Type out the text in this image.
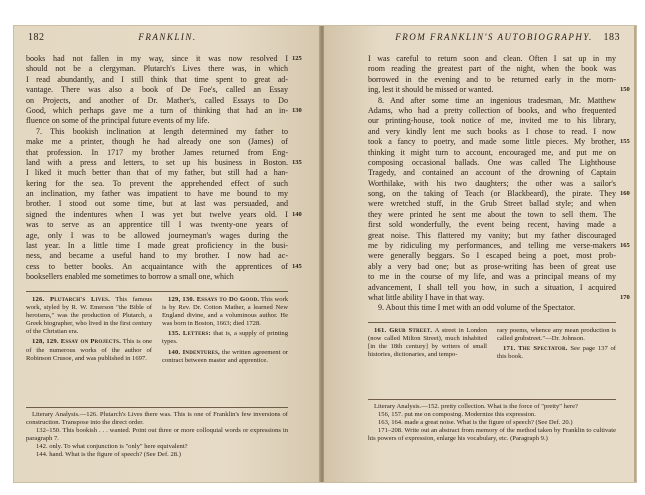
182	FRANKLIN.
books had not fallen in my way, since it was now resolved I
should not be a clergyman. Plutarch's Lives there was, in which
I read abundantly, and I still think that time spent to great ad-
vantage. There was also a book of De Foe's, called an Essay
on Projects, and another of Dr. Mather's, called Essays to Do
Good, which perhaps gave me a turn of thinking that had an in-
fluence on some of the principal future events of my life.
7. This bookish inclination at length determined my father to
make me a printer, though he had already one son (James) of
that profession. In 1717 my brother James returned from Eng-
land with a press and letters, to set up his business in Boston.
I liked it much better than that of my father, but still had a han-
kering for the sea. To prevent the apprehended effect of such
an inclination, my father was impatient to have me bound to my
brother. I stood out some time, but at last was persuaded, and
signed the indentures when I was yet but twelve years old. I
was to serve as an apprentice till I was twenty-one years of
age, only I was to be allowed journeyman's wages during the
last year. In a little time I made great proficiency in the busi-
ness, and became a useful hand to my brother. I now had ac-
cess to better books. An acquaintance with the apprentices of
booksellers enabled me sometimes to borrow a small one, which
125
130
135
140
145

126. Plutarch's Lives. This famous work, styled by R. W. Emerson "the Bible of heroisms," was the production of Plutarch, a Greek biographer, who lived in the first century of the Christian era.

128, 129. Essay on Projects. This is one of the numerous works of the author of Robinson Crusoe, and was published in 1697.

129, 130. Essays to Do Good. This work is by Rev. Dr. Cotton Mather, a learned New England divine, and a voluminous author. He was born in Boston, 1663; died 1728.

135. Letters: that is, a supply of printing types.

140. Indentures, the written agreement or contract between master and apprentice.

Literary Analysis.—126. Plutarch's Lives there was. This is one of Franklin's few inversions of construction. Transpose into the direct order.

132–150. This bookish . . . wanted. Point out three or more colloquial words or expressions in paragraph 7.

142. only. To what conjunction is "only" here equivalent?

144. hand. What is the figure of speech? (See Def. 28.)

FROM FRANKLIN'S AUTOBIOGRAPHY.	183
I was careful to return soon and clean. Often I sat up in my
room reading the greatest part of the night, when the book was
borrowed in the evening and to be returned early in the morn-
ing, lest it should be missed or wanted.
8. And after some time an ingenious tradesman, Mr. Matthew
Adams, who had a pretty collection of books, and who frequented
our printing-house, took notice of me, invited me to his library,
and very kindly lent me such books as I chose to read. I now
took a fancy to poetry, and made some little pieces. My brother,
thinking it might turn to account, encouraged me, and put me on
composing occasional ballads. One was called The Lighthouse
Tragedy, and contained an account of the drowning of Captain
Worthilake, with his two daughters; the other was a sailor's
song, on the taking of Teach (or Blackbeard), the pirate. They
were wretched stuff, in the Grub Street ballad style; and when
they were printed he sent me about the town to sell them. The
first sold wonderfully, the event being recent, having made a
great noise. This flattered my vanity; but my father discouraged
me by ridiculing my performances, and telling me verse-makers
were generally beggars. So I escaped being a poet, most prob-
ably a very bad one; but as prose-writing has been of great use
to me in the course of my life, and was a principal means of my
advancement, I shall tell you how, in such a situation, I acquired
what little ability I have in that way.
9. About this time I met with an odd volume of the Spectator.
150
155
160
165
170

161. Grub Street. A street in London (now called Milton Street), much inhabited [in the 18th century] by writers of small histories, dictionaries, and tempo-

rary poems, whence any mean production is called grubstreet."—Dr. Johnson.

171. The Spectator. See page 137 of this book.

Literary Analysis.—152. pretty collection. What is the force of "pretty" here?

156, 157. put me on composing. Modernize this expression.

163, 164. made a great noise. What is the figure of speech? (See Def. 20.)

171–208. Write out an abstract from memory of the method taken by Franklin to cultivate his powers of expression, enlarge his vocabulary, etc. (Paragraph 9.)
